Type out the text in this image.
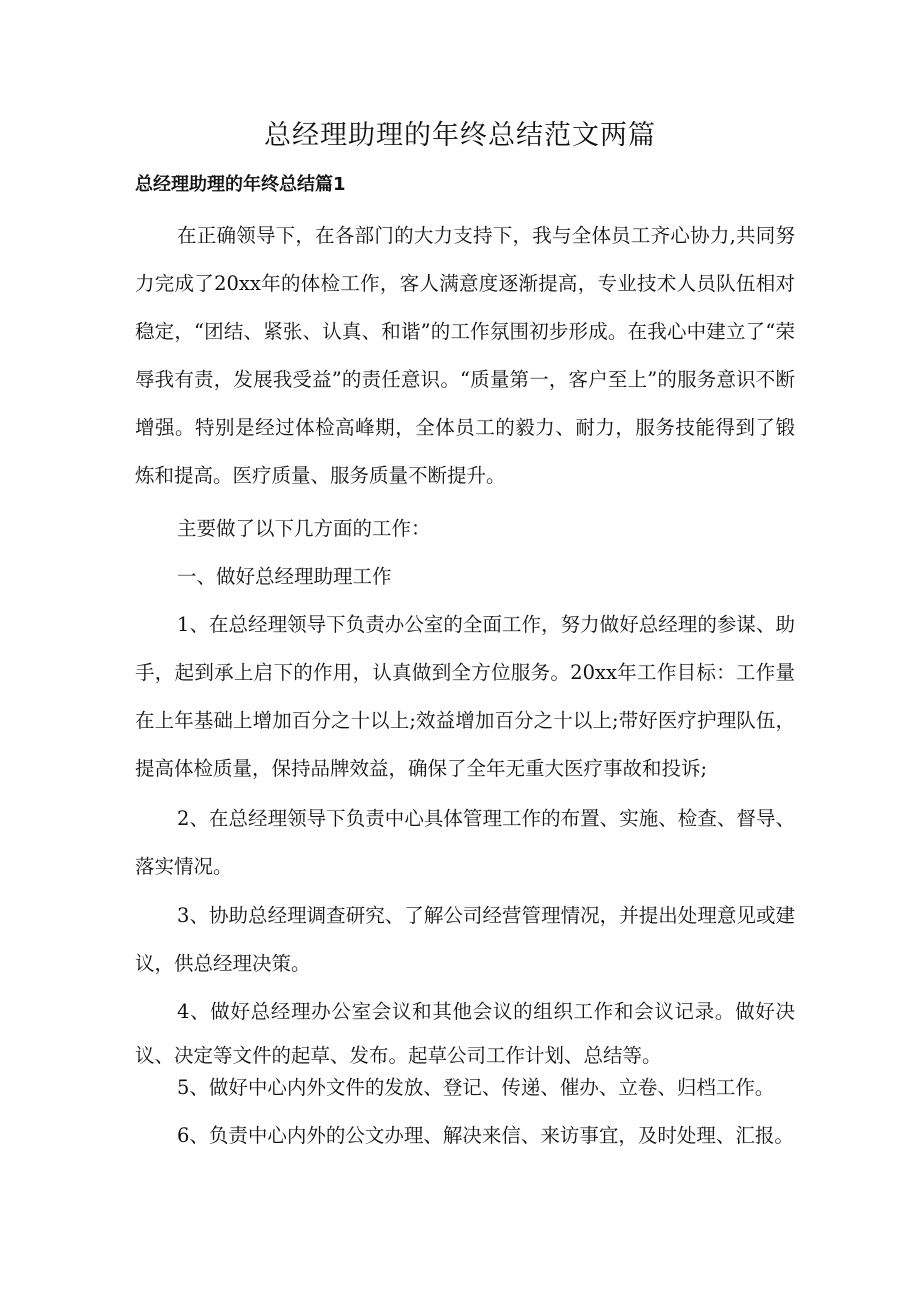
总经理助理的年终总结范文两篇
总经理助理的年终总结篇1
在正确领导下，在各部门的大力支持下，我与全体员工齐心协力,共同努力完成了20xx年的体检工作，客人满意度逐渐提高，专业技术人员队伍相对稳定，“团结、紧张、认真、和谐”的工作氛围初步形成。在我心中建立了“荣辱我有责，发展我受益”的责任意识。“质量第一，客户至上”的服务意识不断增强。特别是经过体检高峰期，全体员工的毅力、耐力，服务技能得到了锻炼和提高。医疗质量、服务质量不断提升。
主要做了以下几方面的工作：
一、做好总经理助理工作
1、在总经理领导下负责办公室的全面工作，努力做好总经理的参谋、助手，起到承上启下的作用，认真做到全方位服务。20xx年工作目标：工作量在上年基础上增加百分之十以上;效益增加百分之十以上;带好医疗护理队伍，提高体检质量，保持品牌效益，确保了全年无重大医疗事故和投诉;
2、在总经理领导下负责中心具体管理工作的布置、实施、检查、督导、落实情况。
3、协助总经理调查研究、了解公司经营管理情况，并提出处理意见或建议，供总经理决策。
4、做好总经理办公室会议和其他会议的组织工作和会议记录。做好决议、决定等文件的起草、发布。起草公司工作计划、总结等。
5、做好中心内外文件的发放、登记、传递、催办、立卷、归档工作。
6、负责中心内外的公文办理、解决来信、来访事宜，及时处理、汇报。
